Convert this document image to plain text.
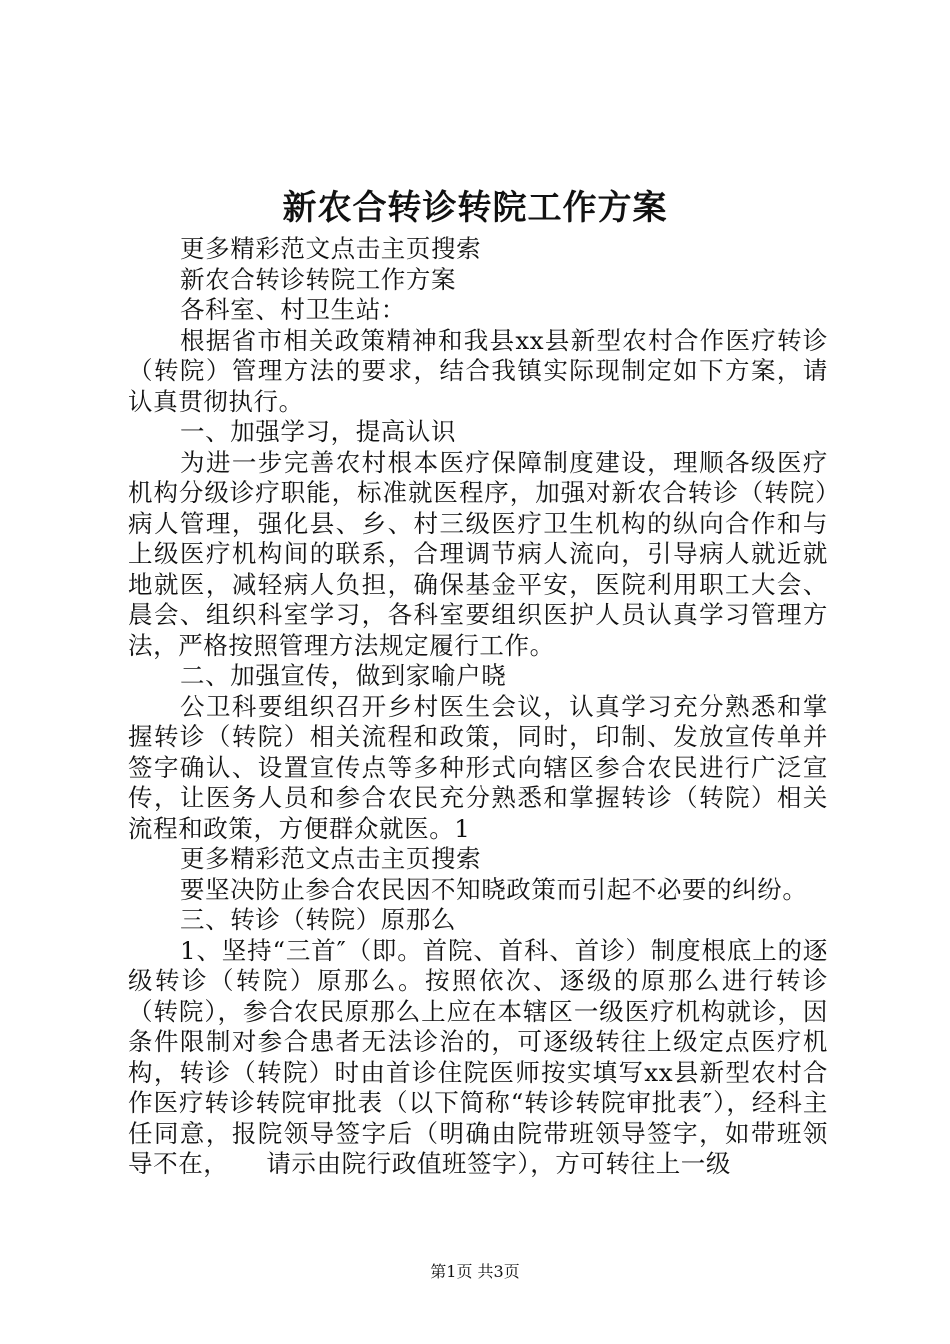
新农合转诊转院工作方案

更多精彩范文点击主页搜索

新农合转诊转院工作方案

各科室、村卫生站：

根据省市相关政策精神和我县xx县新型农村合作医疗转诊（转院）管理方法的要求，结合我镇实际现制定如下方案，请认真贯彻执行。

一、加强学习，提高认识

为进一步完善农村根本医疗保障制度建设，理顺各级医疗机构分级诊疗职能，标准就医程序，加强对新农合转诊（转院）病人管理，强化县、乡、村三级医疗卫生机构的纵向合作和与上级医疗机构间的联系，合理调节病人流向，引导病人就近就地就医，减轻病人负担，确保基金平安，医院利用职工大会、晨会、组织科室学习，各科室要组织医护人员认真学习管理方法，严格按照管理方法规定履行工作。

二、加强宣传，做到家喻户晓

公卫科要组织召开乡村医生会议，认真学习充分熟悉和掌握转诊（转院）相关流程和政策，同时，印制、发放宣传单并签字确认、设置宣传点等多种形式向辖区参合农民进行广泛宣传，让医务人员和参合农民充分熟悉和掌握转诊（转院）相关流程和政策，方便群众就医。1

更多精彩范文点击主页搜索

要坚决防止参合农民因不知晓政策而引起不必要的纠纷。

三、转诊（转院）原那么

1、坚持“三首″（即。首院、首科、首诊）制度根底上的逐级转诊（转院）原那么。按照依次、逐级的原那么进行转诊（转院），参合农民原那么上应在本辖区一级医疗机构就诊，因条件限制对参合患者无法诊治的，可逐级转往上级定点医疗机构，转诊（转院）时由首诊住院医师按实填写xx县新型农村合作医疗转诊转院审批表（以下简称“转诊转院审批表″），经科主任同意，报院领导签字后（明确由院带班领导签字，如带班领导不在，　　请示由院行政值班签字），方可转往上一级

第1页 共3页
